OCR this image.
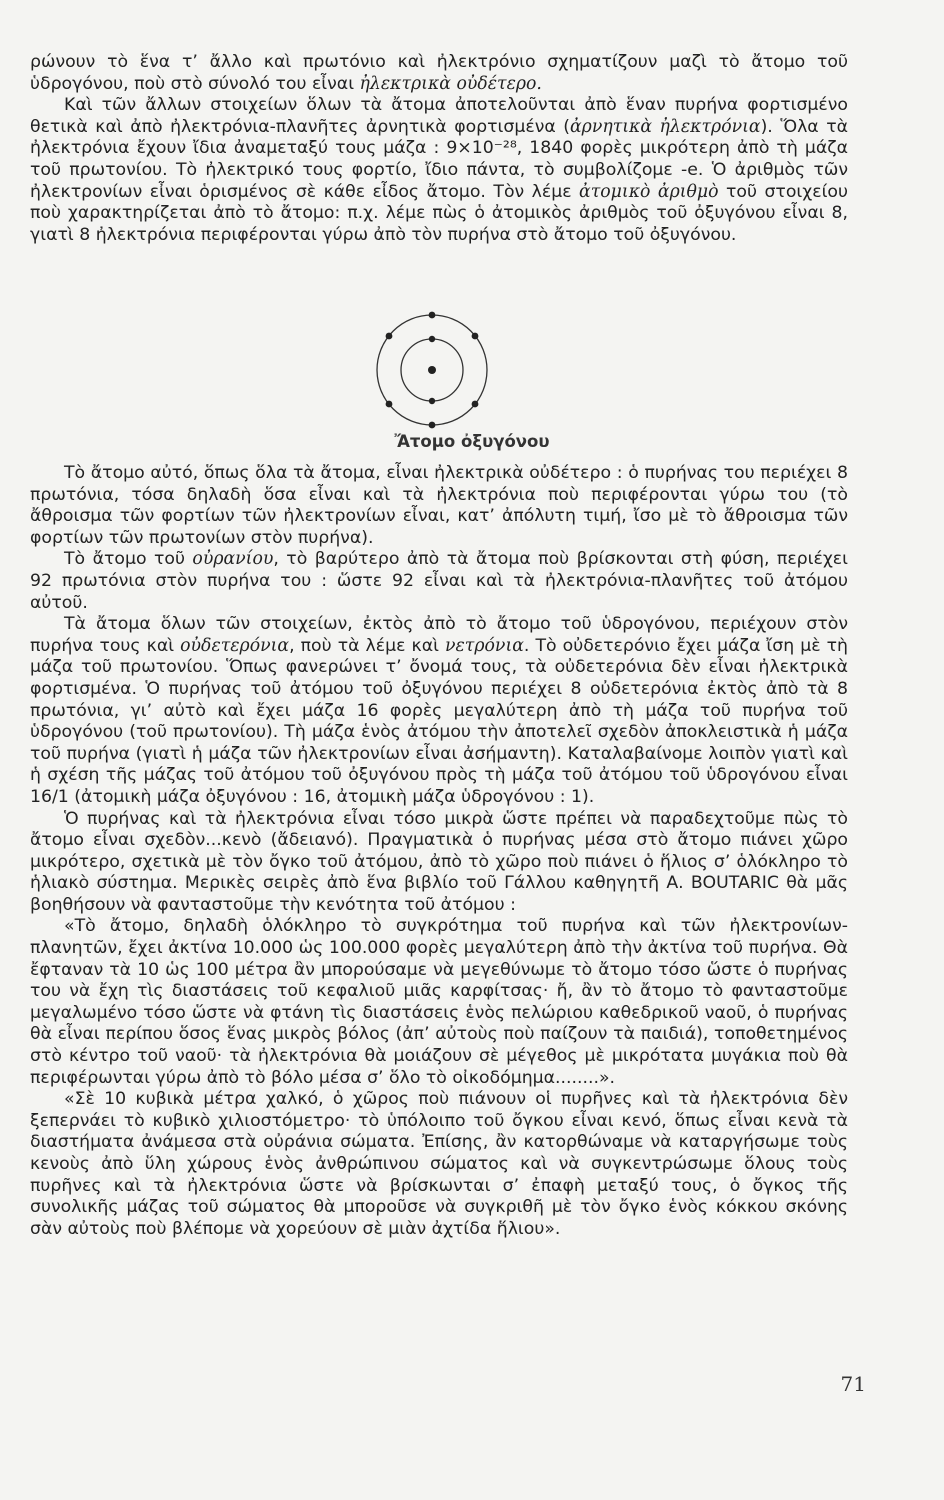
ρώνουν τὸ ἕνα τ’ ἄλλο καὶ πρωτόνιο καὶ ἠλεκτρόνιο σχηματίζουν μαζὶ τὸ ἄτομο τοῦ ὑδρογόνου, ποὺ στὸ σύνολό του εἶναι ἠλεκτρικὰ οὐδέτερο.

Καὶ τῶν ἄλλων στοιχείων ὅλων τὰ ἄτομα ἀποτελοῦνται ἀπὸ ἕναν πυρήνα φορτισμένο θετικὰ καὶ ἀπὸ ἠλεκτρόνια-πλανῆτες ἀρνητικὰ φορτισμένα (ἀρνητικὰ ἠλεκτρόνια). Ὅλα τὰ ἠλεκτρόνια ἔχουν ἴδια ἀναμεταξύ τους μάζα : 9×10⁻²⁸, 1840 φορὲς μικρότερη ἀπὸ τὴ μάζα τοῦ πρωτονίου. Τὸ ἠλεκτρικό τους φορτίο, ἴδιο πάντα, τὸ συμβολίζομε -e. Ὁ ἀριθμὸς τῶν ἠλεκτρονίων εἶναι ὁρισμένος σὲ κάθε εἶδος ἄτομο. Τὸν λέμε ἀτομικὸ ἀριθμὸ τοῦ στοιχείου ποὺ χαρακτηρίζεται ἀπὸ τὸ ἄτομο: π.χ. λέμε πὼς ὁ ἀτομικὸς ἀριθμὸς τοῦ ὀξυγόνου εἶναι 8, γιατὶ 8 ἠλεκτρόνια περιφέρονται γύρω ἀπὸ τὸν πυρήνα στὸ ἄτομο τοῦ ὀξυγόνου.

Ἄτομο ὀξυγόνου

Τὸ ἄτομο αὐτό, ὅπως ὅλα τὰ ἄτομα, εἶναι ἠλεκτρικὰ οὐδέτερο : ὁ πυρήνας του περιέχει 8 πρωτόνια, τόσα δηλαδὴ ὅσα εἶναι καὶ τὰ ἠλεκτρόνια ποὺ περιφέρονται γύρω του (τὸ ἄθροισμα τῶν φορτίων τῶν ἠλεκτρονίων εἶναι, κατ’ ἀπόλυτη τιμή, ἴσο μὲ τὸ ἄθροισμα τῶν φορτίων τῶν πρωτονίων στὸν πυρήνα).

Τὸ ἄτομο τοῦ οὐρανίου, τὸ βαρύτερο ἀπὸ τὰ ἄτομα ποὺ βρίσκονται στὴ φύση, περιέχει 92 πρωτόνια στὸν πυρήνα του : ὥστε 92 εἶναι καὶ τὰ ἠλεκτρόνια-πλανῆτες τοῦ ἀτόμου αὐτοῦ.

Τὰ ἄτομα ὅλων τῶν στοιχείων, ἐκτὸς ἀπὸ τὸ ἄτομο τοῦ ὑδρογόνου, περιέχουν στὸν πυρήνα τους καὶ οὐδετερόνια, ποὺ τὰ λέμε καὶ νετρόνια. Τὸ οὐδετερόνιο ἔχει μάζα ἴση μὲ τὴ μάζα τοῦ πρωτονίου. Ὅπως φανερώνει τ’ ὄνομά τους, τὰ οὐδετερόνια δὲν εἶναι ἠλεκτρικὰ φορτισμένα. Ὁ πυρήνας τοῦ ἀτόμου τοῦ ὀξυγόνου περιέχει 8 οὐδετερόνια ἐκτὸς ἀπὸ τὰ 8 πρωτόνια, γι’ αὐτὸ καὶ ἔχει μάζα 16 φορὲς μεγαλύτερη ἀπὸ τὴ μάζα τοῦ πυρήνα τοῦ ὑδρογόνου (τοῦ πρωτονίου). Τὴ μάζα ἑνὸς ἀτόμου τὴν ἀποτελεῖ σχεδὸν ἀποκλειστικὰ ἡ μάζα τοῦ πυρήνα (γιατὶ ἡ μάζα τῶν ἠλεκτρονίων εἶναι ἀσήμαντη). Καταλαβαίνομε λοιπὸν γιατὶ καὶ ἡ σχέση τῆς μάζας τοῦ ἀτόμου τοῦ ὀξυγόνου πρὸς τὴ μάζα τοῦ ἀτόμου τοῦ ὑδρογόνου εἶναι 16/1 (ἀτομικὴ μάζα ὀξυγόνου : 16, ἀτομικὴ μάζα ὑδρογόνου : 1).

Ὁ πυρήνας καὶ τὰ ἠλεκτρόνια εἶναι τόσο μικρὰ ὥστε πρέπει νὰ παραδεχτοῦμε πὼς τὸ ἄτομο εἶναι σχεδὸν...κενὸ (ἄδειανό). Πραγματικὰ ὁ πυρήνας μέσα στὸ ἄτομο πιάνει χῶρο μικρότερο, σχετικὰ μὲ τὸν ὄγκο τοῦ ἀτόμου, ἀπὸ τὸ χῶρο ποὺ πιάνει ὁ ἥλιος σ’ ὁλόκληρο τὸ ἡλιακὸ σύστημα. Μερικὲς σειρὲς ἀπὸ ἕνα βιβλίο τοῦ Γάλλου καθηγητῆ Α. BOUTARIC θὰ μᾶς βοηθήσουν νὰ φανταστοῦμε τὴν κενότητα τοῦ ἀτόμου :

«Τὸ ἄτομο, δηλαδὴ ὁλόκληρο τὸ συγκρότημα τοῦ πυρήνα καὶ τῶν ἠλεκτρονίων-πλανητῶν, ἔχει ἀκτίνα 10.000 ὡς 100.000 φορὲς μεγαλύτερη ἀπὸ τὴν ἀκτίνα τοῦ πυρήνα. Θὰ ἔφταναν τὰ 10 ὡς 100 μέτρα ἂν μπορούσαμε νὰ μεγεθύνωμε τὸ ἄτομο τόσο ὥστε ὁ πυρήνας του νὰ ἔχη τὶς διαστάσεις τοῦ κεφαλιοῦ μιᾶς καρφίτσας· ἤ, ἂν τὸ ἄτομο τὸ φανταστοῦμε μεγαλωμένο τόσο ὥστε νὰ φτάνη τὶς διαστάσεις ἑνὸς πελώριου καθεδρικοῦ ναοῦ, ὁ πυρήνας θὰ εἶναι περίπου ὅσος ἕνας μικρὸς βόλος (ἀπ’ αὐτοὺς ποὺ παίζουν τὰ παιδιά), τοποθετημένος στὸ κέντρο τοῦ ναοῦ· τὰ ἠλεκτρόνια θὰ μοιάζουν σὲ μέγεθος μὲ μικρότατα μυγάκια ποὺ θὰ περιφέρωνται γύρω ἀπὸ τὸ βόλο μέσα σ’ ὅλο τὸ οἰκοδόμημα........».

«Σὲ 10 κυβικὰ μέτρα χαλκό, ὁ χῶρος ποὺ πιάνουν οἱ πυρῆνες καὶ τὰ ἠλεκτρόνια δὲν ξεπερνάει τὸ κυβικὸ χιλιοστόμετρο· τὸ ὑπόλοιπο τοῦ ὄγκου εἶναι κενό, ὅπως εἶναι κενὰ τὰ διαστήματα ἀνάμεσα στὰ οὐράνια σώματα. Ἐπίσης, ἂν κατορθώναμε νὰ καταργήσωμε τοὺς κενοὺς ἀπὸ ὕλη χώρους ἑνὸς ἀνθρώπινου σώματος καὶ νὰ συγκεντρώσωμε ὅλους τοὺς πυρῆνες καὶ τὰ ἠλεκτρόνια ὥστε νὰ βρίσκωνται σ’ ἐπαφὴ μεταξύ τους, ὁ ὄγκος τῆς συνολικῆς μάζας τοῦ σώματος θὰ μποροῦσε νὰ συγκριθῆ μὲ τὸν ὄγκο ἑνὸς κόκκου σκόνης σὰν αὐτοὺς ποὺ βλέπομε νὰ χορεύουν σὲ μιὰν ἀχτίδα ἥλιου».

71
